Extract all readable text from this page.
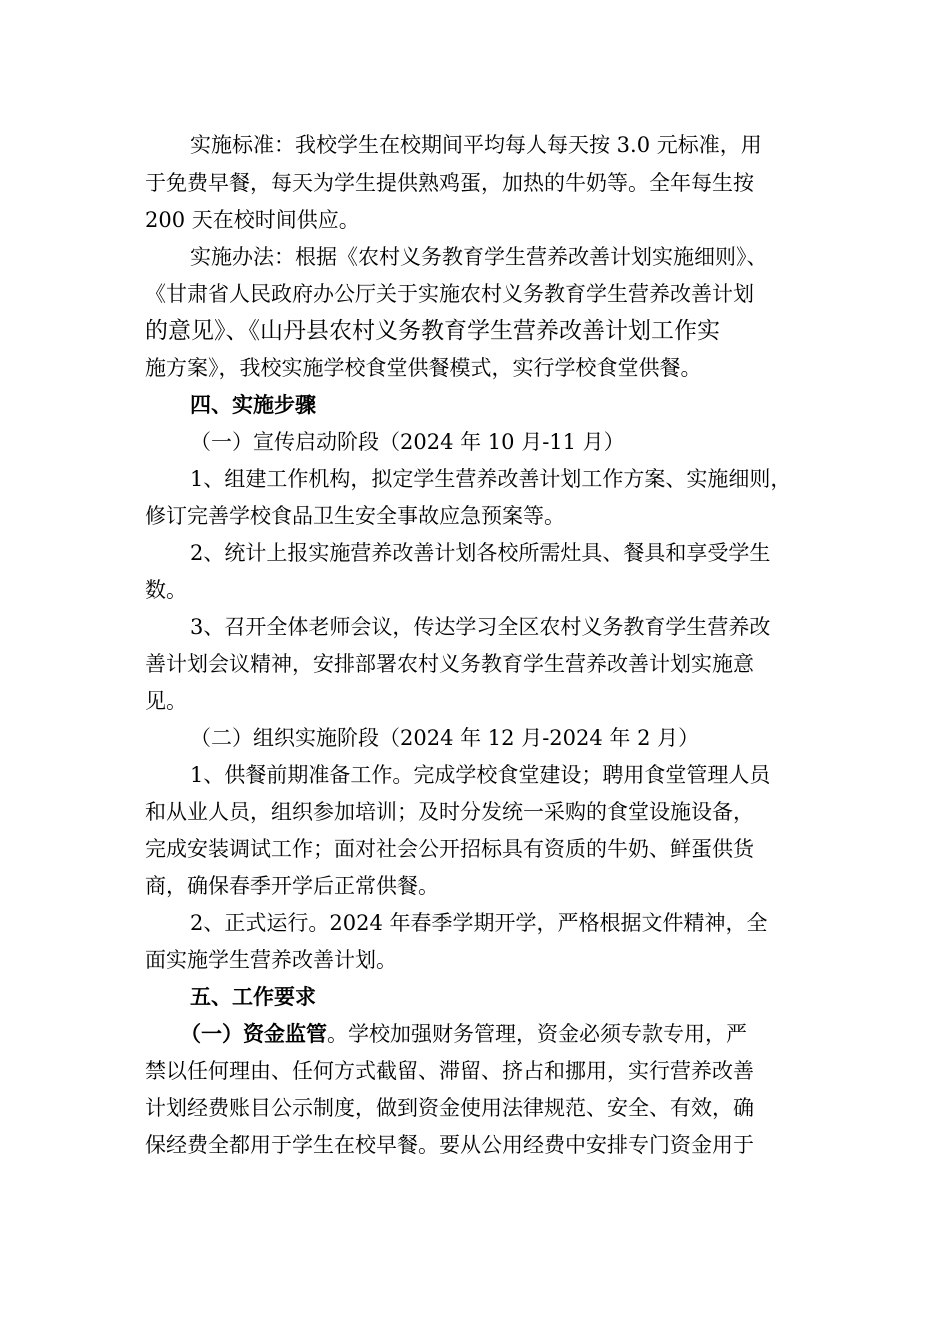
实施标准：我校学生在校期间平均每人每天按 3.0 元标准，用
于免费早餐，每天为学生提供熟鸡蛋，加热的牛奶等。全年每生按
200 天在校时间供应。
实施办法：根据《农村义务教育学生营养改善计划实施细则》、
《甘肃省人民政府办公厅关于实施农村义务教育学生营养改善计划
的意见》、《山丹县农村义务教育学生营养改善计划工作实
施方案》，我校实施学校食堂供餐模式，实行学校食堂供餐。
四、实施步骤
（一）宣传启动阶段（2024 年 10 月-11 月）
1、组建工作机构，拟定学生营养改善计划工作方案、实施细则，
修订完善学校食品卫生安全事故应急预案等。
2、统计上报实施营养改善计划各校所需灶具、餐具和享受学生
数。
3、召开全体老师会议，传达学习全区农村义务教育学生营养改
善计划会议精神，安排部署农村义务教育学生营养改善计划实施意
见。
（二）组织实施阶段（2024 年 12 月-2024 年 2 月）
1、供餐前期准备工作。完成学校食堂建设；聘用食堂管理人员
和从业人员，组织参加培训；及时分发统一采购的食堂设施设备，
完成安装调试工作；面对社会公开招标具有资质的牛奶、鲜蛋供货
商，确保春季开学后正常供餐。
2、正式运行。2024 年春季学期开学，严格根据文件精神，全
面实施学生营养改善计划。
五、工作要求
（一）资金监管。学校加强财务管理，资金必须专款专用，严
禁以任何理由、任何方式截留、滞留、挤占和挪用，实行营养改善
计划经费账目公示制度，做到资金使用法律规范、安全、有效，确
保经费全都用于学生在校早餐。要从公用经费中安排专门资金用于
